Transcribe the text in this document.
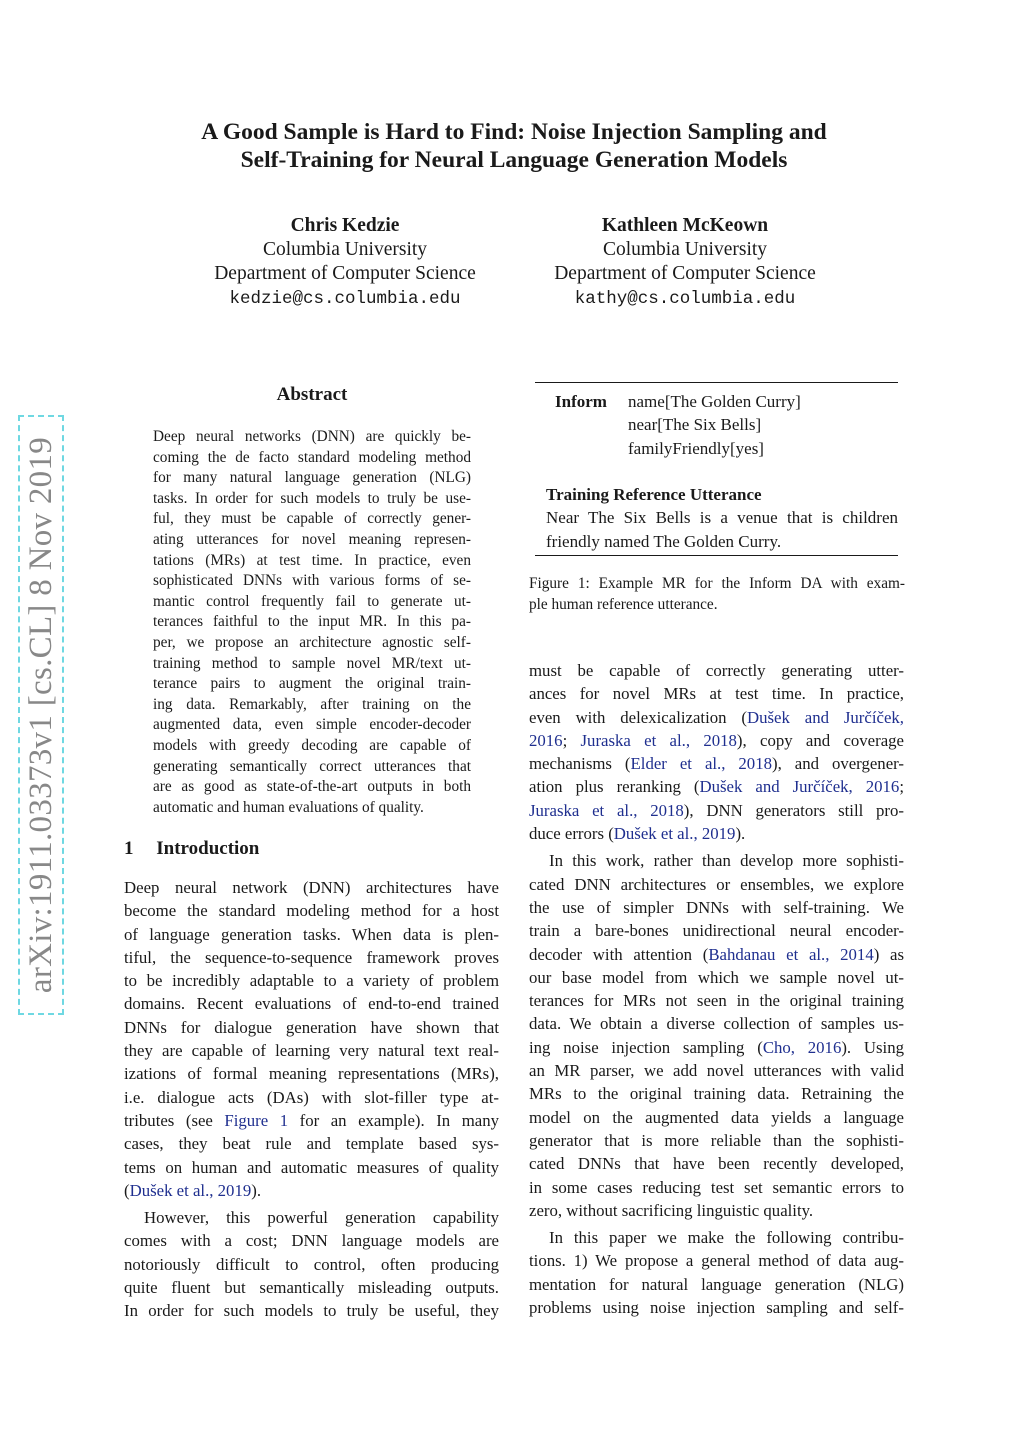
A Good Sample is Hard to Find: Noise Injection Sampling and
Self-Training for Neural Language Generation Models
Chris Kedzie
Columbia University
Department of Computer Science
kedzie@cs.columbia.edu
Kathleen McKeown
Columbia University
Department of Computer Science
kathy@cs.columbia.edu
arXiv:1911.03373v1 [cs.CL] 8 Nov 2019
Abstract
Deep neural networks (DNN) are quickly be-
coming the de facto standard modeling method
for many natural language generation (NLG)
tasks. In order for such models to truly be use-
ful, they must be capable of correctly gener-
ating utterances for novel meaning represen-
tations (MRs) at test time. In practice, even
sophisticated DNNs with various forms of se-
mantic control frequently fail to generate ut-
terances faithful to the input MR. In this pa-
per, we propose an architecture agnostic self-
training method to sample novel MR/text ut-
terance pairs to augment the original train-
ing data. Remarkably, after training on the
augmented data, even simple encoder-decoder
models with greedy decoding are capable of
generating semantically correct utterances that
are as good as state-of-the-art outputs in both
automatic and human evaluations of quality.
1 Introduction
Deep neural network (DNN) architectures have
become the standard modeling method for a host
of language generation tasks. When data is plen-
tiful, the sequence-to-sequence framework proves
to be incredibly adaptable to a variety of problem
domains. Recent evaluations of end-to-end trained
DNNs for dialogue generation have shown that
they are capable of learning very natural text real-
izations of formal meaning representations (MRs),
i.e. dialogue acts (DAs) with slot-filler type at-
tributes (see Figure 1 for an example). In many
cases, they beat rule and template based sys-
tems on human and automatic measures of quality
(Dušek et al., 2019).
However, this powerful generation capability
comes with a cost; DNN language models are
notoriously difficult to control, often producing
quite fluent but semantically misleading outputs.
In order for such models to truly be useful, they
Inform name[The Golden Curry]
near[The Six Bells]
familyFriendly[yes]
Training Reference Utterance
Near The Six Bells is a venue that is children
friendly named The Golden Curry.
Figure 1: Example MR for the Inform DA with exam-
ple human reference utterance.
must be capable of correctly generating utter-
ances for novel MRs at test time. In practice,
even with delexicalization (Dušek and Jurčíček,
2016; Juraska et al., 2018), copy and coverage
mechanisms (Elder et al., 2018), and overgener-
ation plus reranking (Dušek and Jurčíček, 2016;
Juraska et al., 2018), DNN generators still pro-
duce errors (Dušek et al., 2019).
In this work, rather than develop more sophisti-
cated DNN architectures or ensembles, we explore
the use of simpler DNNs with self-training. We
train a bare-bones unidirectional neural encoder-
decoder with attention (Bahdanau et al., 2014) as
our base model from which we sample novel ut-
terances for MRs not seen in the original training
data. We obtain a diverse collection of samples us-
ing noise injection sampling (Cho, 2016). Using
an MR parser, we add novel utterances with valid
MRs to the original training data. Retraining the
model on the augmented data yields a language
generator that is more reliable than the sophisti-
cated DNNs that have been recently developed,
in some cases reducing test set semantic errors to
zero, without sacrificing linguistic quality.
In this paper we make the following contribu-
tions. 1) We propose a general method of data aug-
mentation for natural language generation (NLG)
problems using noise injection sampling and self-
